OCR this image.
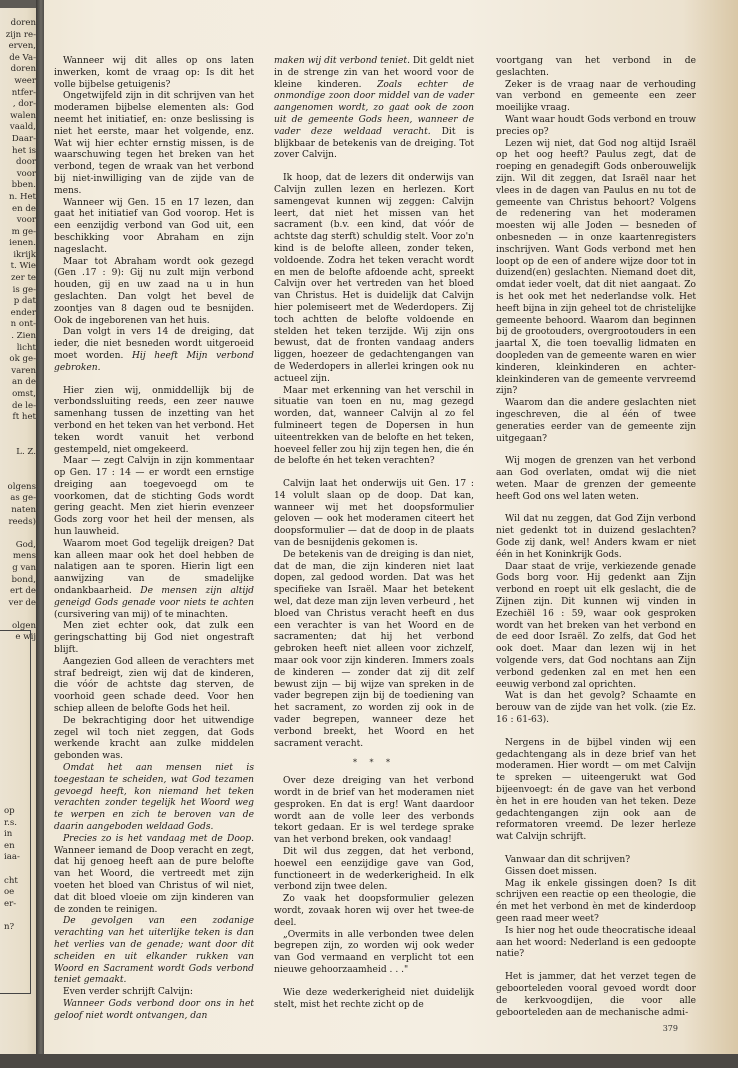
doren
zijn re-
erven,
de Va-
doren
weer
ntfer-
, dor-
walen
vaald,
Daar-
het is
door
voor
bben.
n. Het
en de
voor
m ge-
ienen.
ikrijk
t. Wie
zer te
is ge-
p dat
ender
n ont-
. Zien
licht
ok ge-
varen
an de
omst,
de le-
ft het

L. Z.

olgens
as ge-
naten
reeds)

God,
mens
g van
bond,
ert de
ver de

olgen
e wij
op
r.s.
in
en
iaa-

cht
oe
er-

n?

Wanneer wij dit alles op ons laten inwerken, komt de vraag op: Is dit het volle bijbelse getuigenis?

Ongetwijfeld zijn in dit schrijven van het moderamen bijbelse elementen als: God neemt het initiatief, en: onze beslissing is niet het eerste, maar het volgende, enz. Wat wij hier echter ernstig missen, is de waarschuwing tegen het breken van het verbond, tegen de wraak van het verbond bij niet-inwilliging van de zijde van de mens.

Wanneer wij Gen. 15 en 17 lezen, dan gaat het initiatief van God voorop. Het is een eenzijdig verbond van God uit, een beschikking voor Abraham en zijn nageslacht.

Maar tot Abraham wordt ook gezegd (Gen .17 : 9): Gij nu zult mijn verbond houden, gij en uw zaad na u in hun geslachten. Dan volgt het bevel de zoontjes van 8 dagen oud te besnijden. Ook de ingeborenen van het huis.

Dan volgt in vers 14 de dreiging, dat ieder, die niet besneden wordt uitgeroeid moet worden. Hij heeft Mijn verbond gebroken.

Hier zien wij, onmiddellijk bij de verbondssluiting reeds, een zeer nauwe samenhang tussen de inzetting van het verbond en het teken van het verbond. Het teken wordt vanuit het verbond gestempeld, niet omgekeerd.

Maar — zegt Calvijn in zijn kommentaar op Gen. 17 : 14 — er wordt een ernstige dreiging aan toegevoegd om te voorkomen, dat de stichting Gods wordt gering geacht. Men ziet hierin evenzeer Gods zorg voor het heil der mensen, als hun lauwheid.

Waarom moet God tegelijk dreigen? Dat kan alleen maar ook het doel hebben de nalatigen aan te sporen. Hierin ligt een aanwijzing van de smadelijke ondankbaarheid. De mensen zijn altijd geneigd Gods genade voor niets te achten (cursivering van mij) of te minachten.

Men ziet echter ook, dat zulk een geringschatting bij God niet ongestraft blijft.

Aangezien God alleen de verachters met straf bedreigt, zien wij dat de kinderen, die vóór de achtste dag sterven, de voorhoid geen schade deed. Voor hen schiep alleen de belofte Gods het heil.

De bekrachtiging door het uitwendige zegel wil toch niet zeggen, dat Gods werkende kracht aan zulke middelen gebonden was.

Omdat het aan mensen niet is toegestaan te scheiden, wat God tezamen gevoegd heeft, kon niemand het teken verachten zonder tegelijk het Woord weg te werpen en zich te beroven van de daarin aangeboden weldaad Gods.

Precies zo is het vandaag met de Doop. Wanneer iemand de Doop veracht en zegt, dat hij genoeg heeft aan de pure belofte van het Woord, die vertreedt met zijn voeten het bloed van Christus of wil niet, dat dit bloed vloeie om zijn kinderen van de zonden te reinigen.

De gevolgen van een zodanige verachting van het uiterlijke teken is dan het verlies van de genade; want door dit scheiden en uit elkander rukken van Woord en Sacrament wordt Gods verbond teniet gemaakt.

Even verder schrijft Calvijn:

Wanneer Gods verbond door ons in het geloof niet wordt ontvangen, dan

maken wij dit verbond teniet. Dit geldt niet in de strenge zin van het woord voor de kleine kinderen. Zoals echter de onmondige zoon door middel van de vader aangenomen wordt, zo gaat ook de zoon uit de gemeente Gods heen, wanneer de vader deze weldaad veracht. Dit is blijkbaar de betekenis van de dreiging. Tot zover Calvijn.

Ik hoop, dat de lezers dit onderwijs van Calvijn zullen lezen en herlezen. Kort samengevat kunnen wij zeggen: Calvijn leert, dat niet het missen van het sacrament (b.v. een kind, dat vóór de achtste dag sterft) schuldig stelt. Voor zo'n kind is de belofte alleen, zonder teken, voldoende. Zodra het teken veracht wordt en men de belofte afdoende acht, spreekt Calvijn over het vertreden van het bloed van Christus. Het is duidelijk dat Calvijn hier polemiseert met de Wederdopers. Zij toch achtten de belofte voldoende en stelden het teken terzijde. Wij zijn ons bewust, dat de fronten vandaag anders liggen, hoezeer de gedachtengangen van de Wederdopers in allerlei kringen ook nu actueel zijn.

Maar met erkenning van het verschil in situatie van toen en nu, mag gezegd worden, dat, wanneer Calvijn al zo fel fulmineert tegen de Dopersen in hun uiteentrekken van de belofte en het teken, hoeveel feller zou hij zijn tegen hen, die én de belofte én het teken verachten?

Calvijn laat het onderwijs uit Gen. 17 : 14 volult slaan op de doop. Dat kan, wanneer wij met het doopsformulier geloven — ook het moderamen citeert het doopsformulier — dat de doop in de plaats van de besnijdenis gekomen is.

De betekenis van de dreiging is dan niet, dat de man, die zijn kinderen niet laat dopen, zal gedood worden. Dat was het specifieke van Israël. Maar het betekent wel, dat deze man zijn leven verbeurd , het bloed van Christus veracht heeft en dus een verachter is van het Woord en de sacramenten; dat hij het verbond gebroken heeft niet alleen voor zichzelf, maar ook voor zijn kinderen. Immers zoals de kinderen — zonder dat zij dit zelf bewust zijn — bij wijze van spreken in de vader begrepen zijn bij de toediening van het sacrament, zo worden zij ook in de vader begrepen, wanneer deze het verbond breekt, het Woord en het sacrament veracht.

* * *

Over deze dreiging van het verbond wordt in de brief van het moderamen niet gesproken. En dat is erg! Want daardoor wordt aan de volle leer des verbonds tekort gedaan. Er is wel terdege sprake van het verbond breken, ook vandaag!

Dit wil dus zeggen, dat het verbond, hoewel een eenzijdige gave van God, functioneert in de wederkerigheid. In elk verbond zijn twee delen.

Zo vaak het doopsformulier gelezen wordt, zovaak horen wij over het twee-de deel.

„Overmits in alle verbonden twee delen begrepen zijn, zo worden wij ook weder van God vermaand en verplicht tot een nieuwe gehoorzaamheid . . ."

Wie deze wederkerigheid niet duidelijk stelt, mist het rechte zicht op de

voortgang van het verbond in de geslachten.

Zeker is de vraag naar de verhouding van verbond en gemeente een zeer moeilijke vraag.

Want waar houdt Gods verbond en trouw precies op?

Lezen wij niet, dat God nog altijd Israël op het oog heeft? Paulus zegt, dat de roeping en genadegift Gods onberouwelijk zijn. Wil dit zeggen, dat Israël naar het vlees in de dagen van Paulus en nu tot de gemeente van Christus behoort? Volgens de redenering van het moderamen moesten wij alle Joden — besneden of onbesneden — in onze kaartenregisters inschrijven. Want Gods verbond met hen loopt op de een of andere wijze door tot in duizend(en) geslachten. Niemand doet dit, omdat ieder voelt, dat dit niet aangaat. Zo is het ook met het nederlandse volk. Het heeft bijna in zijn geheel tot de christelijke gemeente behoord. Waarom dan beginnen bij de grootouders, overgrootouders in een jaartal X, die toen toevallig lidmaten en doopleden van de gemeente waren en wier kinderen, kleinkinderen en achter-kleinkinderen van de gemeente vervreemd zijn?

Waarom dan die andere geslachten niet ingeschreven, die al één of twee generaties eerder van de gemeente zijn uitgegaan?

Wij mogen de grenzen van het verbond aan God overlaten, omdat wij die niet weten. Maar de grenzen der gemeente heeft God ons wel laten weten.

Wil dat nu zeggen, dat God Zijn verbond niet gedenkt tot in duizend geslachten? Gode zij dank, wel! Anders kwam er niet één in het Koninkrijk Gods.

Daar staat de vrije, verkiezende genade Gods borg voor. Hij gedenkt aan Zijn verbond en roept uit elk geslacht, die de Zijnen zijn. Dit kunnen wij vinden in Ezechiël 16 : 59, waar ook gesproken wordt van het breken van het verbond en de eed door Israël. Zo zelfs, dat God het ook doet. Maar dan lezen wij in het volgende vers, dat God nochtans aan Zijn verbond gedenken zal en met hen een eeuwig verbond zal oprichten.

Wat is dan het gevolg? Schaamte en berouw van de zijde van het volk. (zie Ez. 16 : 61-63).

Nergens in de bijbel vinden wij een gedachtengang als in deze brief van het moderamen. Hier wordt — om met Calvijn te spreken — uiteengerukt wat God bijeenvoegt: én de gave van het verbond èn het in ere houden van het teken. Deze gedachtengangen zijn ook aan de reformatoren vreemd. De lezer herleze wat Calvijn schrijft.

Vanwaar dan dit schrijven?

Gissen doet missen.

Mag ik enkele gissingen doen? Is dit schrijven een reactie op een theologie, die én met het verbond èn met de kinderdoop geen raad meer weet?

Is hier nog het oude theocratische ideaal aan het woord: Nederland is een gedoopte natie?

Het is jammer, dat het verzet tegen de geboorteleden vooral gevoed wordt door de kerkvoogdijen, die voor alle geboorteleden aan de mechanische admi-

379
